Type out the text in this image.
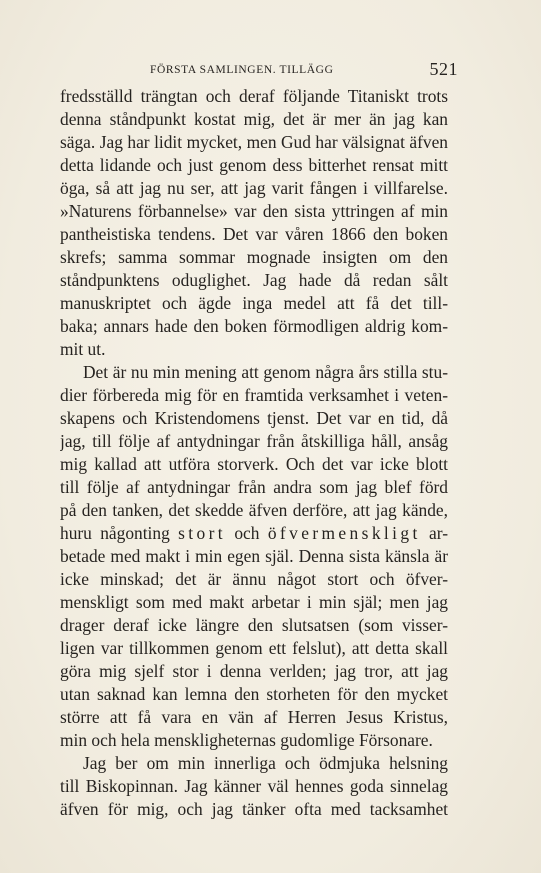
FÖRSTA SAMLINGEN. TILLÄGG	521
fredsställd trängtan och deraf följande Titaniskt trots
denna ståndpunkt kostat mig, det är mer än jag kan
säga. Jag har lidit mycket, men Gud har välsignat äfven
detta lidande och just genom dess bitterhet rensat mitt
öga, så att jag nu ser, att jag varit fången i villfarelse.
»Naturens förbannelse» var den sista yttringen af min
pantheistiska tendens. Det var våren 1866 den boken
skrefs; samma sommar mognade insigten om den
ståndpunktens oduglighet. Jag hade då redan sålt
manuskriptet och ägde inga medel att få det till-
baka; annars hade den boken förmodligen aldrig kom-
mit ut.
Det är nu min mening att genom några års stilla stu-
dier förbereda mig för en framtida verksamhet i veten-
skapens och Kristendomens tjenst. Det var en tid, då
jag, till följe af antydningar från åtskilliga håll, ansåg
mig kallad att utföra storverk. Och det var icke blott
till följe af antydningar från andra som jag blef förd
på den tanken, det skedde äfven derföre, att jag kände,
huru någonting stort och öfvermenskligt ar-
betade med makt i min egen själ. Denna sista känsla är
icke minskad; det är ännu något stort och öfver-
menskligt som med makt arbetar i min själ; men jag
drager deraf icke längre den slutsatsen (som visser-
ligen var tillkommen genom ett felslut), att detta skall
göra mig sjelf stor i denna verlden; jag tror, att jag
utan saknad kan lemna den storheten för den mycket
större att få vara en vän af Herren Jesus Kristus,
min och hela menskligheternas gudomlige Försonare.
Jag ber om min innerliga och ödmjuka helsning
till Biskopinnan. Jag känner väl hennes goda sinnelag
äfven för mig, och jag tänker ofta med tacksamhet
